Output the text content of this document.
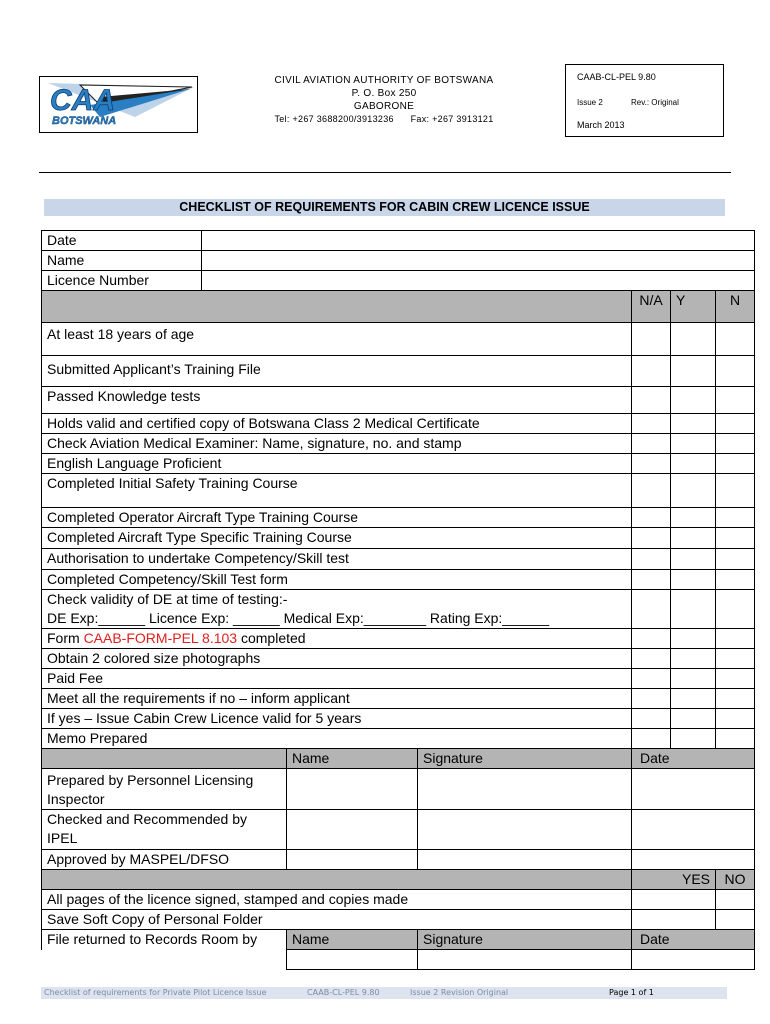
CAA
BOTSWANA
CIVIL AVIATION AUTHORITY OF BOTSWANA
P. O. Box 250
GABORONE
Tel: +267 3688200/3913236 Fax: +267 3913121
CAAB-CL-PEL 9.80
Issue 2	Rev.: Original
March 2013
CHECKLIST OF REQUIREMENTS FOR CABIN CREW LICENCE ISSUE
Date						
Name						
Licence Number						
				N/A	Y	N
At least 18 years of age						
Submitted Applicant’s Training File						
Passed Knowledge tests						
Holds valid and certified copy of Botswana Class 2 Medical Certificate						
Check Aviation Medical Examiner: Name, signature, no. and stamp						
English Language Proficient						
Completed Initial Safety Training Course						
Completed Operator Aircraft Type Training Course						
Completed Aircraft Type Specific Training Course						
Authorisation to undertake Competency/Skill test						
Completed Competency/Skill Test form						

Check validity of DE at time of testing:-
DE Exp:______ Licence Exp: ______ Medical Exp:________ Rating Exp:______						

Form CAAB-FORM-PEL 8.103 completed						
Obtain 2 colored size photographs						
Paid Fee						
Meet all the requirements if no – inform applicant						
If yes – Issue Cabin Crew Licence valid for 5 years						
Memo Prepared						
		Name	Signature	Date		
Prepared by Personnel Licensing Inspector						
Checked and Recommended by IPEL						
Approved by MASPEL/DFSO						
				YES		NO
All pages of the licence signed, stamped and copies made						
Save Soft Copy of Personal Folder						
File returned to Records Room by		Name	Signature	Date		

Checklist of requirements for Private Pilot Licence Issue	CAAB-CL-PEL 9.80	Issue 2 Revision Original	Page 1 of 1
